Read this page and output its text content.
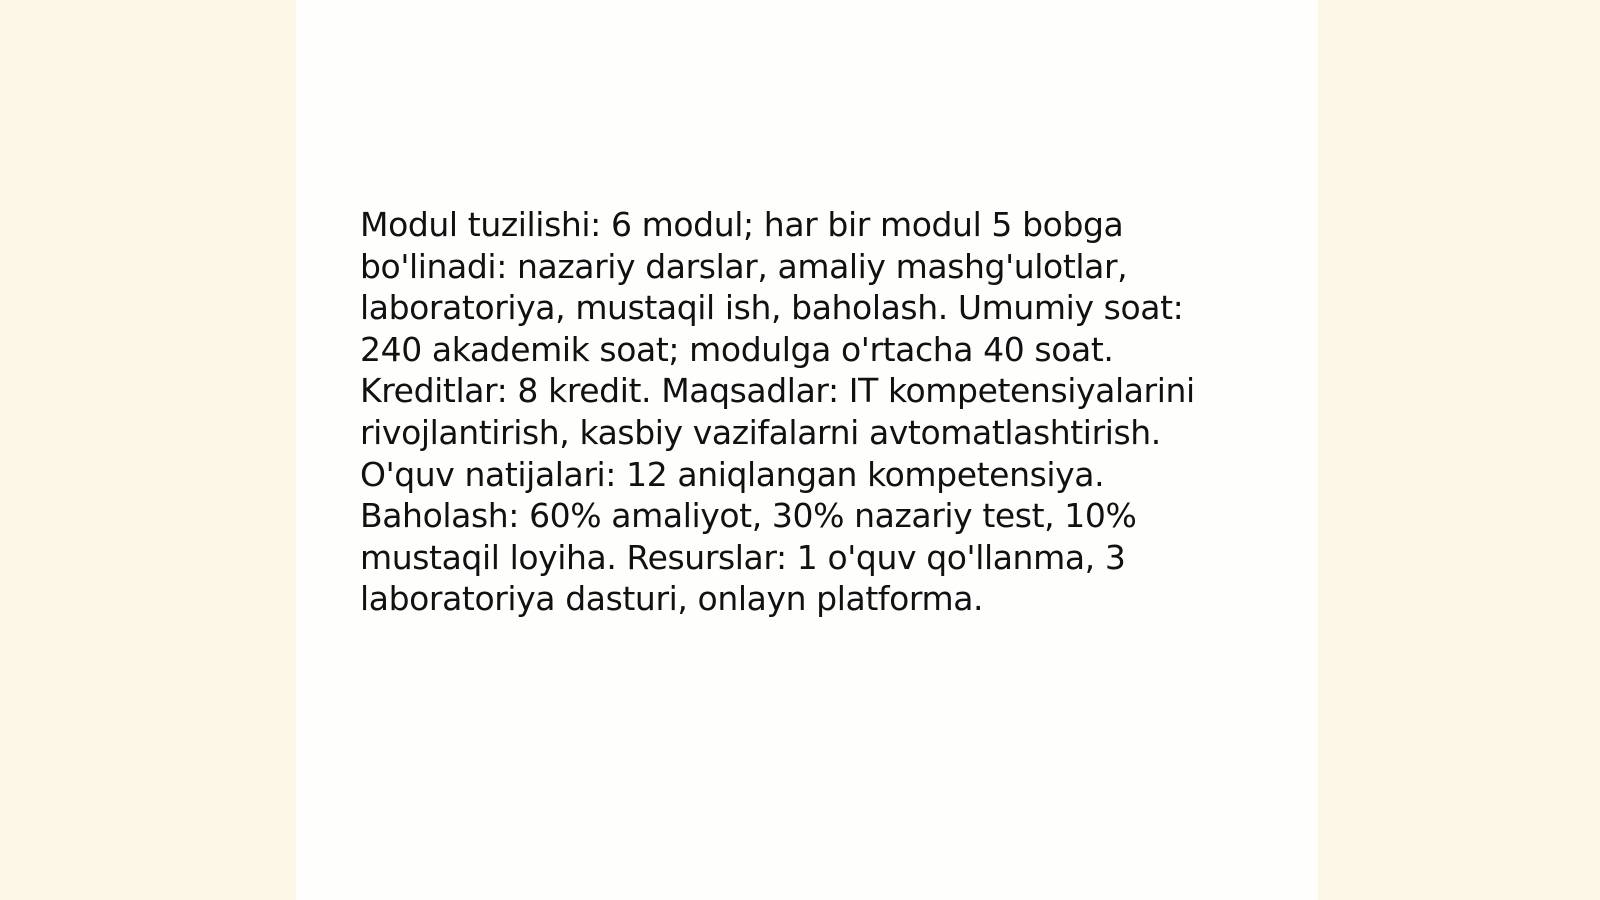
Modul tuzilishi: 6 modul; har bir modul 5 bobga
bo'linadi: nazariy darslar, amaliy mashg'ulotlar,
laboratoriya, mustaqil ish, baholash. Umumiy soat:
240 akademik soat; modulga o'rtacha 40 soat.
Kreditlar: 8 kredit. Maqsadlar: IT kompetensiyalarini
rivojlantirish, kasbiy vazifalarni avtomatlashtirish.
O'quv natijalari: 12 aniqlangan kompetensiya.
Baholash: 60% amaliyot, 30% nazariy test, 10%
mustaqil loyiha. Resurslar: 1 o'quv qo'llanma, 3
laboratoriya dasturi, onlayn platforma.
